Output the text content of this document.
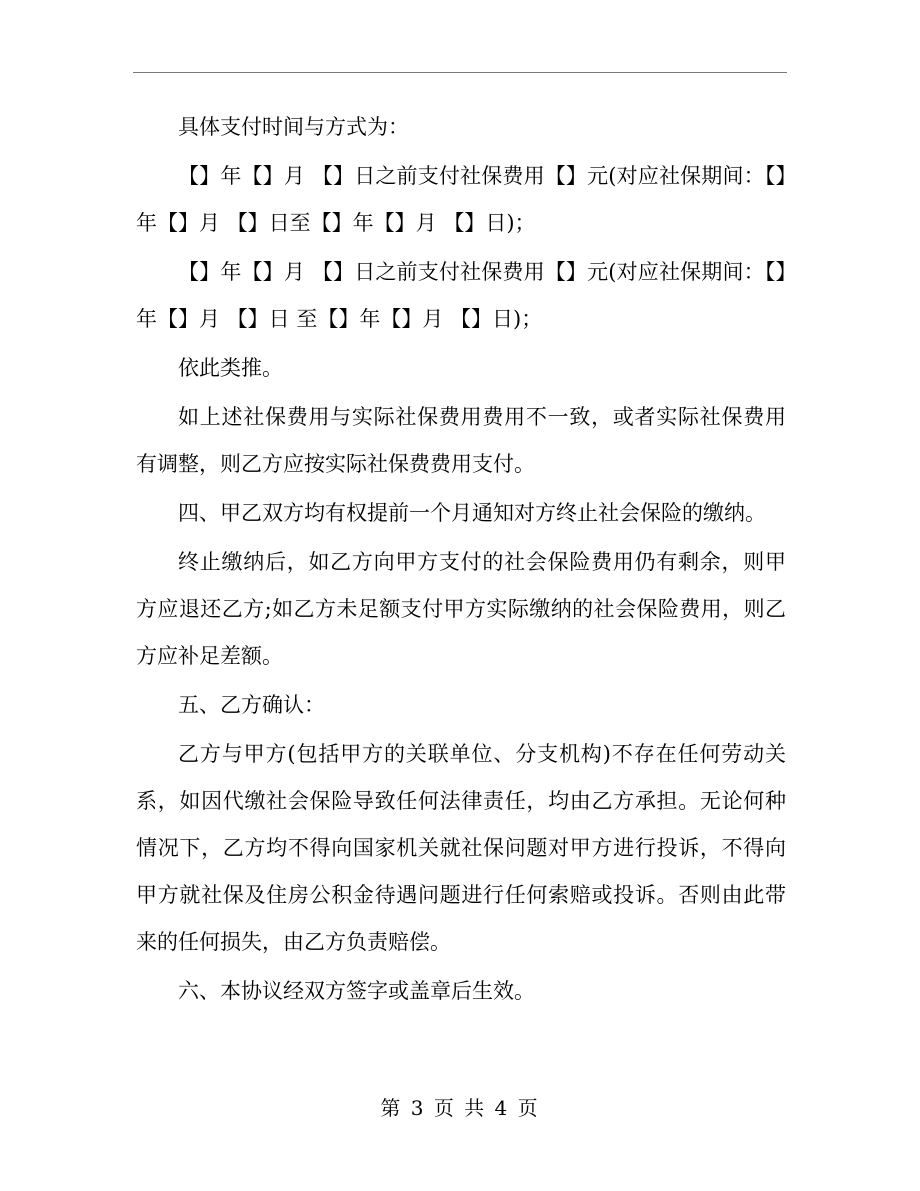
具体支付时间与方式为：

【】年【】月 【】日之前支付社保费用【】元(对应社保期间：【】年【】月 【】日至【】年【】月 【】日)；

【】年【】月 【】日之前支付社保费用【】元(对应社保期间：【】年【】月 【】日 至【】年【】月 【】日)；

依此类推。

如上述社保费用与实际社保费用费用不一致，或者实际社保费用有调整，则乙方应按实际社保费费用支付。

四、甲乙双方均有权提前一个月通知对方终止社会保险的缴纳。

终止缴纳后，如乙方向甲方支付的社会保险费用仍有剩余，则甲方应退还乙方;如乙方未足额支付甲方实际缴纳的社会保险费用，则乙方应补足差额。

五、乙方确认：

乙方与甲方(包括甲方的关联单位、分支机构)不存在任何劳动关系，如因代缴社会保险导致任何法律责任，均由乙方承担。无论何种情况下，乙方均不得向国家机关就社保问题对甲方进行投诉，不得向甲方就社保及住房公积金待遇问题进行任何索赔或投诉。否则由此带来的任何损失，由乙方负责赔偿。

六、本协议经双方签字或盖章后生效。

第 3 页 共 4 页
